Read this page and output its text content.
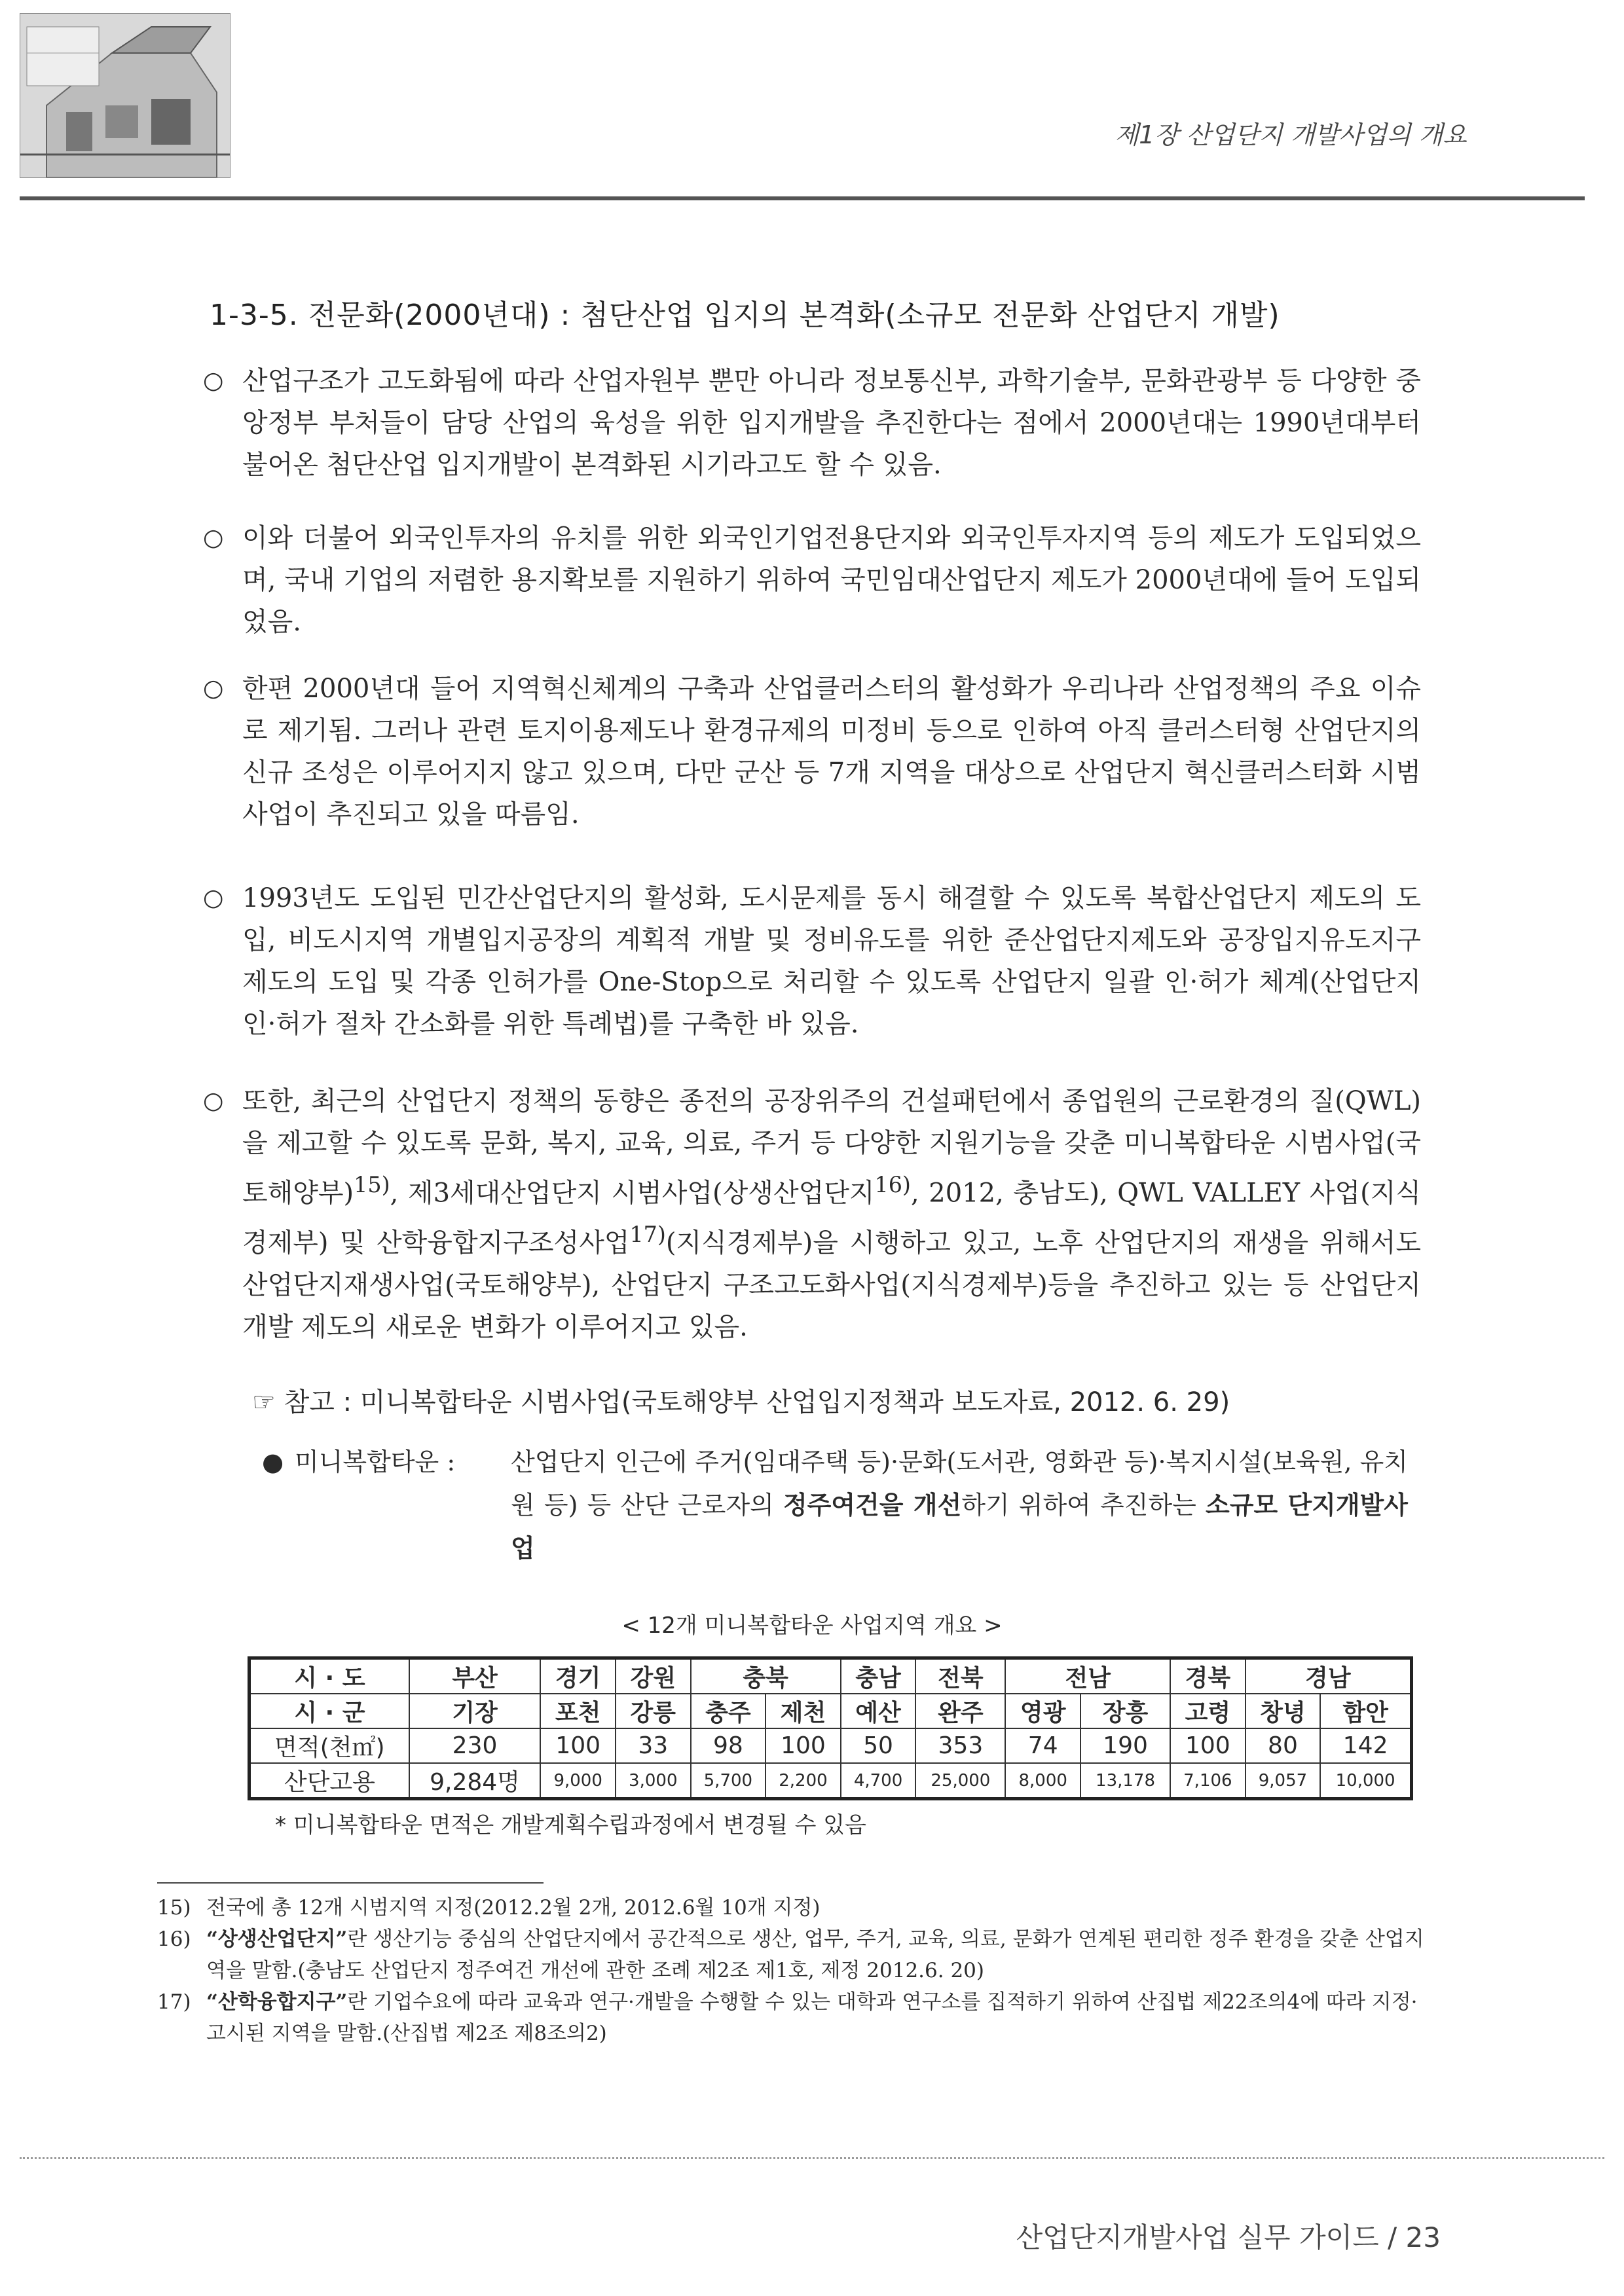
제1장 산업단지 개발사업의 개요
1-3-5. 전문화(2000년대) : 첨단산업 입지의 본격화(소규모 전문화 산업단지 개발)
○ 산업구조가 고도화됨에 따라 산업자원부 뿐만 아니라 정보통신부, 과학기술부, 문화관광부 등 다양한 중앙정부 부처들이 담당 산업의 육성을 위한 입지개발을 추진한다는 점에서 2000년대는 1990년대부터 불어온 첨단산업 입지개발이 본격화된 시기라고도 할 수 있음.
○ 이와 더불어 외국인투자의 유치를 위한 외국인기업전용단지와 외국인투자지역 등의 제도가 도입되었으며, 국내 기업의 저렴한 용지확보를 지원하기 위하여 국민임대산업단지 제도가 2000년대에 들어 도입되었음.
○ 한편 2000년대 들어 지역혁신체계의 구축과 산업클러스터의 활성화가 우리나라 산업정책의 주요 이슈로 제기됨. 그러나 관련 토지이용제도나 환경규제의 미정비 등으로 인하여 아직 클러스터형 산업단지의 신규 조성은 이루어지지 않고 있으며, 다만 군산 등 7개 지역을 대상으로 산업단지 혁신클러스터화 시범사업이 추진되고 있을 따름임.
○ 1993년도 도입된 민간산업단지의 활성화, 도시문제를 동시 해결할 수 있도록 복합산업단지 제도의 도입, 비도시지역 개별입지공장의 계획적 개발 및 정비유도를 위한 준산업단지제도와 공장입지유도지구 제도의 도입 및 각종 인허가를 One-Stop으로 처리할 수 있도록 산업단지 일괄 인·허가 체계(산업단지 인·허가 절차 간소화를 위한 특례법)를 구축한 바 있음.
○ 또한, 최근의 산업단지 정책의 동향은 종전의 공장위주의 건설패턴에서 종업원의 근로환경의 질(QWL)을 제고할 수 있도록 문화, 복지, 교육, 의료, 주거 등 다양한 지원기능을 갖춘 미니복합타운 시범사업(국토해양부)$^{15)}$, 제3세대산업단지 시범사업(상생산업단지$^{16)}$, 2012, 충남도), QWL VALLEY 사업(지식경제부) 및 산학융합지구조성사업$^{17)}$(지식경제부)을 시행하고 있고, 노후 산업단지의 재생을 위해서도 산업단지재생사업(국토해양부), 산업단지 구조고도화사업(지식경제부)등을 추진하고 있는 등 산업단지개발 제도의 새로운 변화가 이루어지고 있음.
☞ 참고 : 미니복합타운 시범사업(국토해양부 산업입지정책과 보도자료, 2012. 6. 29)
● 미니복합타운 : 산업단지 인근에 주거(임대주택 등)·문화(도서관, 영화관 등)·복지시설(보육원, 유치원 등) 등 산단 근로자의 정주여건을 개선하기 위하여 추진하는 소규모 단지개발사업
< 12개 미니복합타운 사업지역 개요 >
시 · 도	부산	경기	강원	충북		충남	전북	전남		경북	경남	
시 · 군	기장	포천	강릉	충주	제천	예산	완주	영광	장흥	고령	창녕	함안
면적(천㎡)	230	100	33	98	100	50	353	74	190	100	80	142
산단고용	9,284명	9,000	3,000	5,700	2,200	4,700	25,000	8,000	13,178	7,106	9,057	10,000
* 미니복합타운 면적은 개발계획수립과정에서 변경될 수 있음
15) 전국에 총 12개 시범지역 지정(2012.2월 2개, 2012.6월 10개 지정)
16) “상생산업단지”란 생산기능 중심의 산업단지에서 공간적으로 생산, 업무, 주거, 교육, 의료, 문화가 연계된 편리한 정주 환경을 갖춘 산업지역을 말함.(충남도 산업단지 정주여건 개선에 관한 조례 제2조 제1호, 제정 2012.6. 20)
17) “산학융합지구”란 기업수요에 따라 교육과 연구·개발을 수행할 수 있는 대학과 연구소를 집적하기 위하여 산집법 제22조의4에 따라 지정·고시된 지역을 말함.(산집법 제2조 제8조의2)
산업단지개발사업 실무 가이드 / 23
